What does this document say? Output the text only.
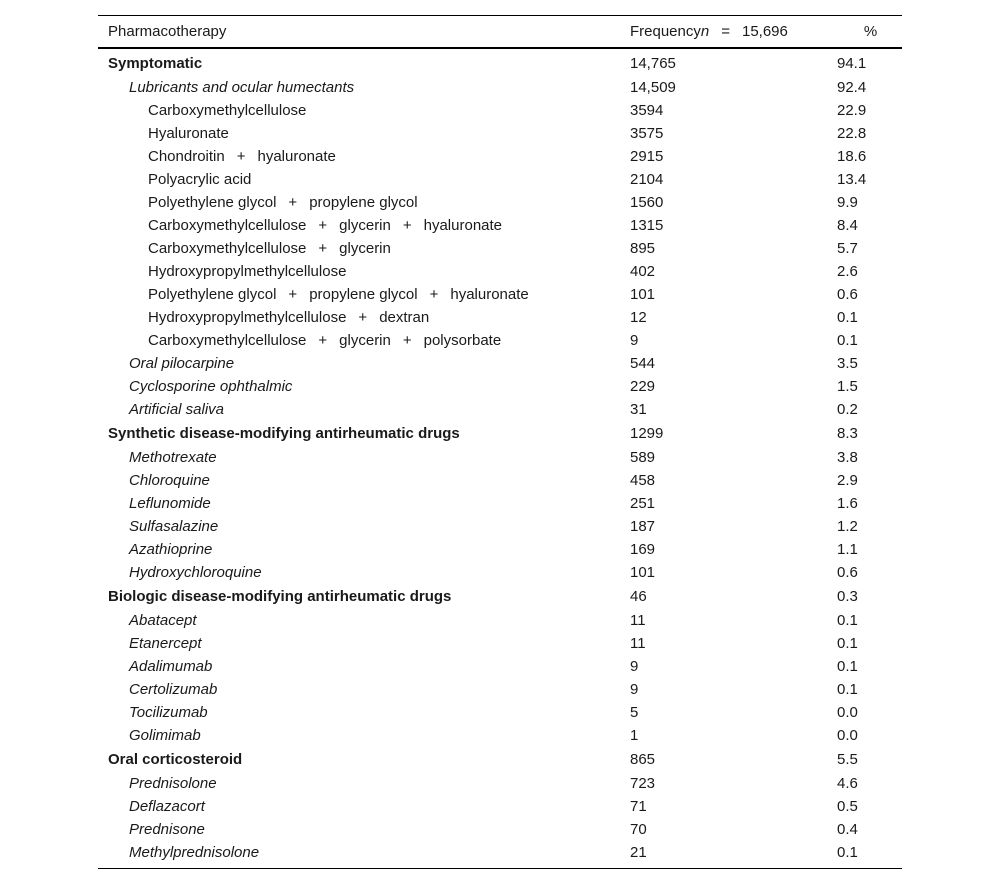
Pharmacotherapy	Frequencyn = 15,696	%
Symptomatic	14,765	94.1
Lubricants and ocular humectants	14,509	92.4
Carboxymethylcellulose	3594	22.9
Hyaluronate	3575	22.8
Chondroitin + hyaluronate	2915	18.6
Polyacrylic acid	2104	13.4
Polyethylene glycol + propylene glycol	1560	9.9
Carboxymethylcellulose + glycerin + hyaluronate	1315	8.4
Carboxymethylcellulose + glycerin	895	5.7
Hydroxypropylmethylcellulose	402	2.6
Polyethylene glycol + propylene glycol + hyaluronate	101	0.6
Hydroxypropylmethylcellulose + dextran	12	0.1
Carboxymethylcellulose + glycerin + polysorbate	9	0.1
Oral pilocarpine	544	3.5
Cyclosporine ophthalmic	229	1.5
Artificial saliva	31	0.2
Synthetic disease-modifying antirheumatic drugs	1299	8.3
Methotrexate	589	3.8
Chloroquine	458	2.9
Leflunomide	251	1.6
Sulfasalazine	187	1.2
Azathioprine	169	1.1
Hydroxychloroquine	101	0.6
Biologic disease-modifying antirheumatic drugs	46	0.3
Abatacept	11	0.1
Etanercept	11	0.1
Adalimumab	9	0.1
Certolizumab	9	0.1
Tocilizumab	5	0.0
Golimimab	1	0.0
Oral corticosteroid	865	5.5
Prednisolone	723	4.6
Deflazacort	71	0.5
Prednisone	70	0.4
Methylprednisolone	21	0.1
